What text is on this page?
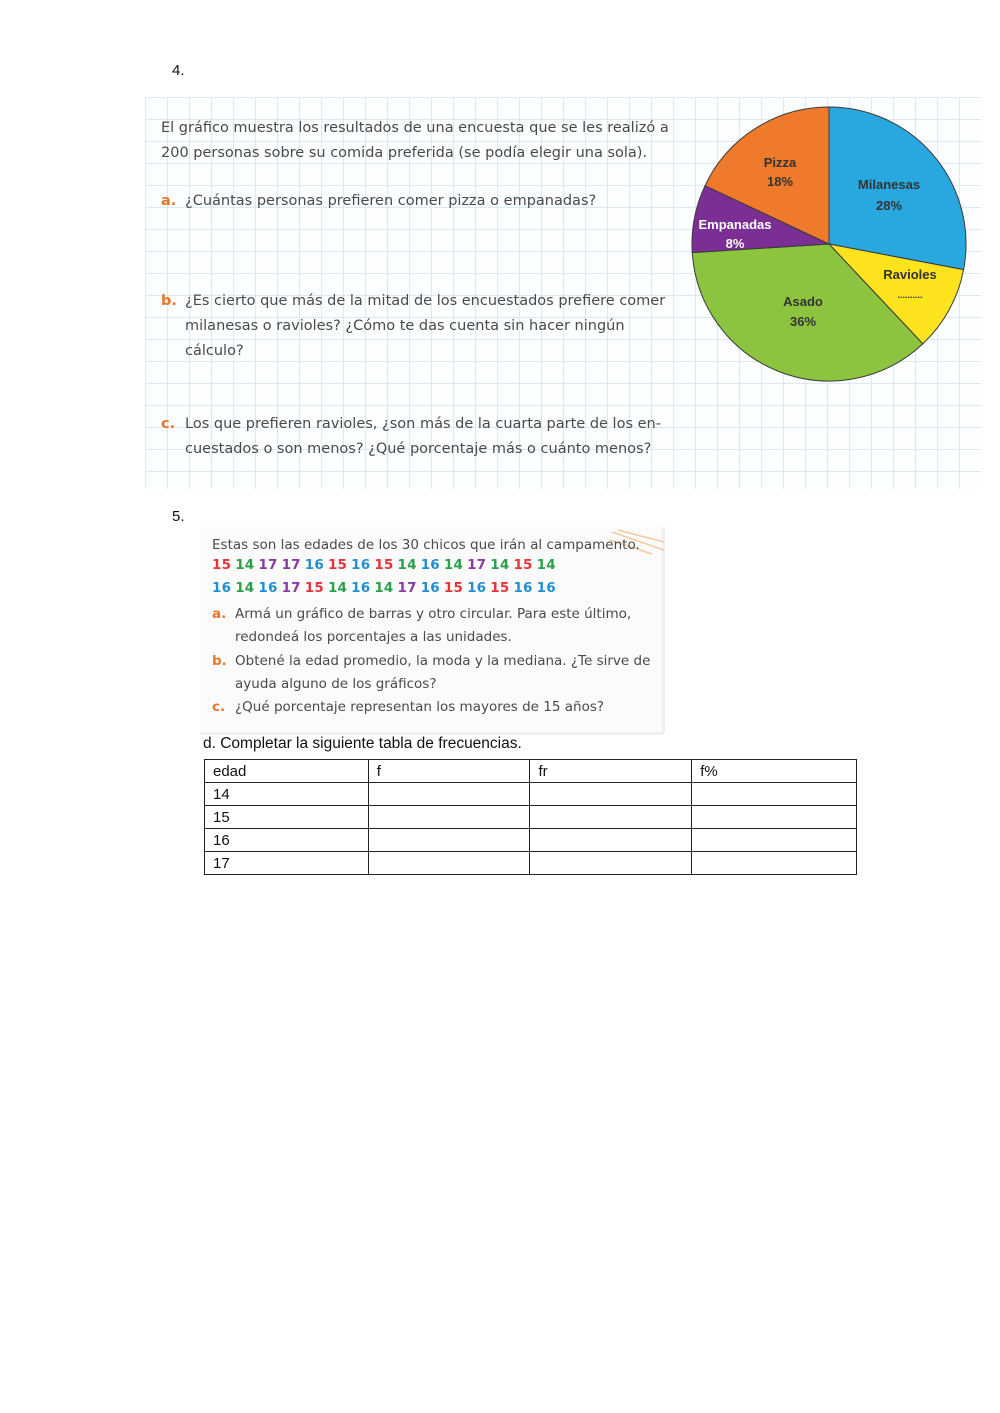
4.
El gráfico muestra los resultados de una encuesta que se les realizó a 200 personas sobre su comida preferida (se podía elegir una sola).
a. ¿Cuántas personas prefieren comer pizza o empanadas?
b. ¿Es cierto que más de la mitad de los encuestados prefiere comer
milanesas o ravioles? ¿Cómo te das cuenta sin hacer ningún cálculo?
c. Los que prefieren ravioles, ¿son más de la cuarta parte de los en-
cuestados o son menos? ¿Qué porcentaje más o cuánto menos?
Pizza
18%	Milanesas
28%
Empanadas
8%
Ravioles
..........
Asado
36%
5.
Estas son las edades de los 30 chicos que irán al campamento.
15 14 17 17 16 15 16 15 14 16 14 17 14 15 14
16 14 16 17 15 14 16 14 17 16 15 16 15 16 16
a. Armá un gráfico de barras y otro circular. Para este último,
redondeá los porcentajes a las unidades.
b. Obtené la edad promedio, la moda y la mediana. ¿Te sirve de
ayuda alguno de los gráficos?
c. ¿Qué porcentaje representan los mayores de 15 años?
d. Completar la siguiente tabla de frecuencias.
edad	f	fr	f%
14			
15			
16			
17			
